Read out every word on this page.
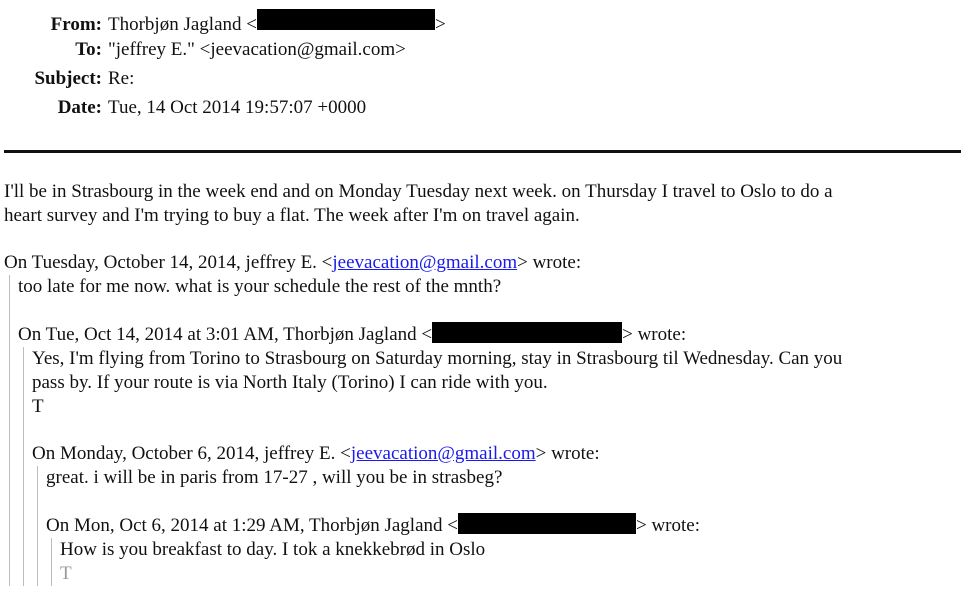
From: Thorbjøn Jagland <	>
To: "jeffrey E." <jeevacation@gmail.com>
Subject: Re:
Date: Tue, 14 Oct 2014 19:57:07 +0000

I'll be in Strasbourg in the week end and on Monday Tuesday next week. on Thursday I travel to Oslo to do a

heart survey and I'm trying to buy a flat. The week after I'm on travel again.

On Tuesday, October 14, 2014, jeffrey E. <jeevacation@gmail.com> wrote:

too late for me now. what is your schedule the rest of the mnth?

On Tue, Oct 14, 2014 at 3:01 AM, Thorbjøn Jagland <	> wrote:

Yes, I'm flying from Torino to Strasbourg on Saturday morning, stay in Strasbourg til Wednesday. Can you

pass by. If your route is via North Italy (Torino) I can ride with you.

T

On Monday, October 6, 2014, jeffrey E. <jeevacation@gmail.com> wrote:

great. i will be in paris from 17-27 , will you be in strasbeg?

On Mon, Oct 6, 2014 at 1:29 AM, Thorbjøn Jagland <	> wrote:

How is you breakfast to day. I tok a knekkebrød in Oslo

T
